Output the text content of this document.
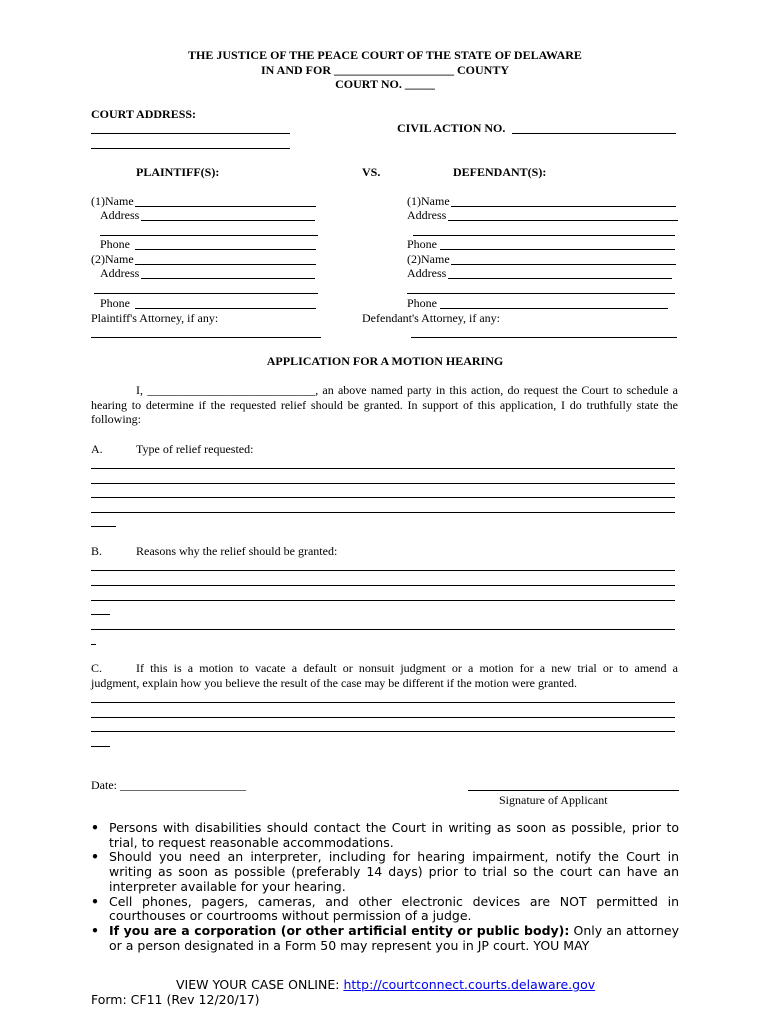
THE JUSTICE OF THE PEACE COURT OF THE STATE OF DELAWARE
IN AND FOR ____________________ COUNTY
COURT NO. _____
COURT ADDRESS:
CIVIL ACTION NO.
PLAINTIFF(S):	VS.	DEFENDANT(S):
(1)Name
Address
Phone
(2)Name
Address
Phone
Plaintiff's Attorney, if any:
(1)Name
Address
Phone
(2)Name
Address
Phone
Defendant's Attorney, if any:
APPLICATION FOR A MOTION HEARING
I, ____________________________, an above named party in this action, do request the Court to schedule a hearing to determine if the requested relief should be granted. In support of this application, I do truthfully state the following:
A.	Type of relief requested:
B.	Reasons why the relief should be granted:
C.	If this is a motion to vacate a default or nonsuit judgment or a motion for a new trial or to amend a
judgment, explain how you believe the result of the case may be different if the motion were granted.
Date: _____________________
Signature of Applicant
• Persons with disabilities should contact the Court in writing as soon as possible, prior to trial, to request reasonable accommodations.
• Should you need an interpreter, including for hearing impairment, notify the Court in writing as soon as possible (preferably 14 days) prior to trial so the court can have an interpreter available for your hearing.
• Cell phones, pagers, cameras, and other electronic devices are NOT permitted in courthouses or courtrooms without permission of a judge.
• If you are a corporation (or other artificial entity or public body): Only an attorney or a person designated in a Form 50 may represent you in JP court. YOU MAY
VIEW YOUR CASE ONLINE: http://courtconnect.courts.delaware.gov
Form: CF11 (Rev 12/20/17)
